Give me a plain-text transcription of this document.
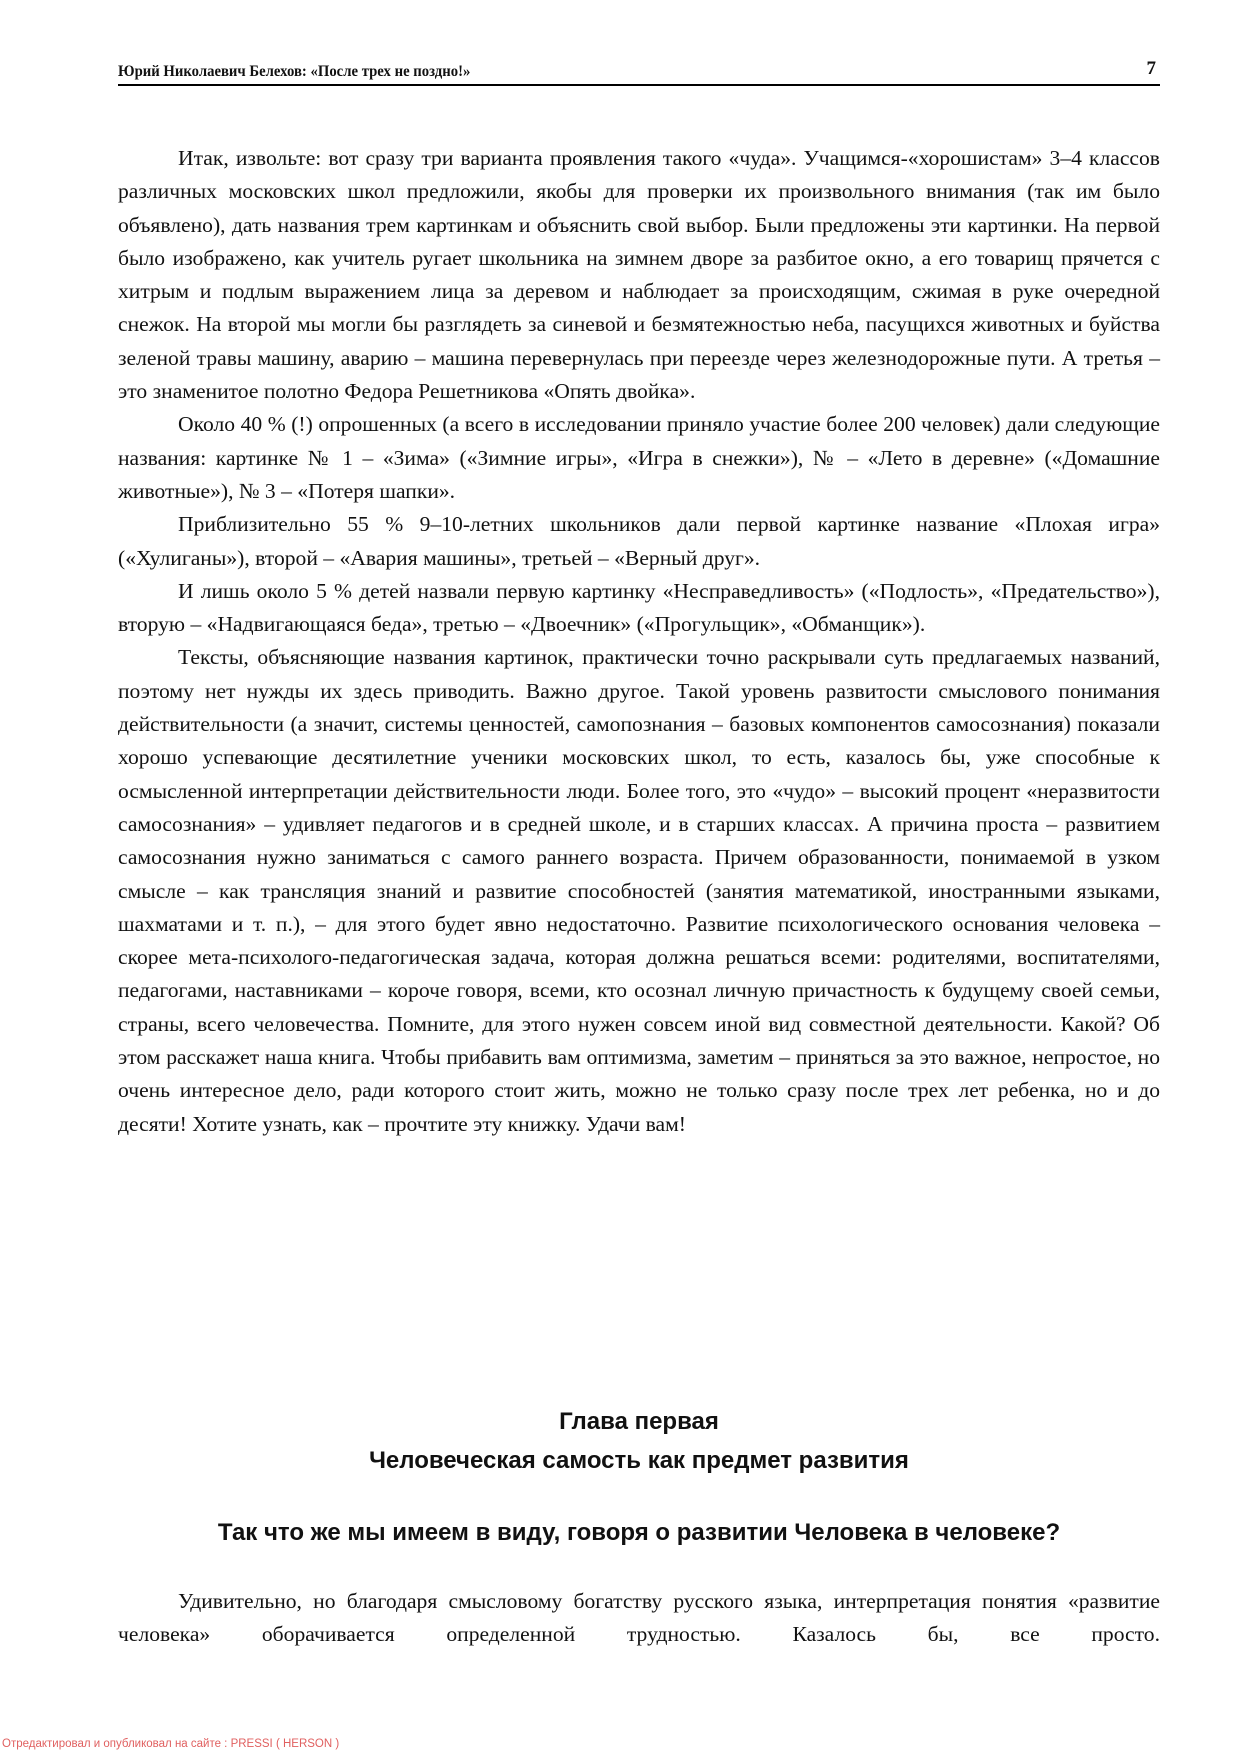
Юрий Николаевич Белехов: «После трех не поздно!»	7

Итак, извольте: вот сразу три варианта проявления такого «чуда». Учащимся-«хорошистам» 3–4 классов различных московских школ предложили, якобы для проверки их произвольного внимания (так им было объявлено), дать названия трем картинкам и объяснить свой выбор. Были предложены эти картинки. На первой было изображено, как учитель ругает школьника на зимнем дворе за разбитое окно, а его товарищ прячется с хитрым и подлым выражением лица за деревом и наблюдает за происходящим, сжимая в руке очередной снежок. На второй мы могли бы разглядеть за синевой и безмятежностью неба, пасущихся животных и буйства зеленой травы машину, аварию – машина перевернулась при переезде через железнодорожные пути. А третья – это знаменитое полотно Федора Решетникова «Опять двойка».

Около 40 % (!) опрошенных (а всего в исследовании приняло участие более 200 человек) дали следующие названия: картинке № 1 – «Зима» («Зимние игры», «Игра в снежки»), № – «Лето в деревне» («Домашние животные»), № 3 – «Потеря шапки».

Приблизительно 55 % 9–10-летних школьников дали первой картинке название «Плохая игра» («Хулиганы»), второй – «Авария машины», третьей – «Верный друг».

И лишь около 5 % детей назвали первую картинку «Несправедливость» («Подлость», «Предательство»), вторую – «Надвигающаяся беда», третью – «Двоечник» («Прогульщик», «Обманщик»).

Тексты, объясняющие названия картинок, практически точно раскрывали суть предлагаемых названий, поэтому нет нужды их здесь приводить. Важно другое. Такой уровень развитости смыслового понимания действительности (а значит, системы ценностей, самопознания – базовых компонентов самосознания) показали хорошо успевающие десятилетние ученики московских школ, то есть, казалось бы, уже способные к осмысленной интерпретации действительности люди. Более того, это «чудо» – высокий процент «неразвитости самосознания» – удивляет педагогов и в средней школе, и в старших классах. А причина проста – развитием самосознания нужно заниматься с самого раннего возраста. Причем образованности, понимаемой в узком смысле – как трансляция знаний и развитие способностей (занятия математикой, иностранными языками, шахматами и т. п.), – для этого будет явно недостаточно. Развитие психологического основания человека – скорее мета-психолого-педагогическая задача, которая должна решаться всеми: родителями, воспитателями, педагогами, наставниками – короче говоря, всеми, кто осознал личную причастность к будущему своей семьи, страны, всего человечества. Помните, для этого нужен совсем иной вид совместной деятельности. Какой? Об этом расскажет наша книга. Чтобы прибавить вам оптимизма, заметим – приняться за это важное, непростое, но очень интересное дело, ради которого стоит жить, можно не только сразу после трех лет ребенка, но и до десяти! Хотите узнать, как – прочтите эту книжку. Удачи вам!

Глава первая
Человеческая самость как предмет развития
Так что же мы имеем в виду, говоря о развитии Человека в человеке?

Удивительно, но благодаря смысловому богатству русского языка, интерпретация понятия «развитие человека» оборачивается определенной трудностью. Казалось бы, все просто.

Отредактировал и опубликовал на сайте : PRESSI ( HERSON )
